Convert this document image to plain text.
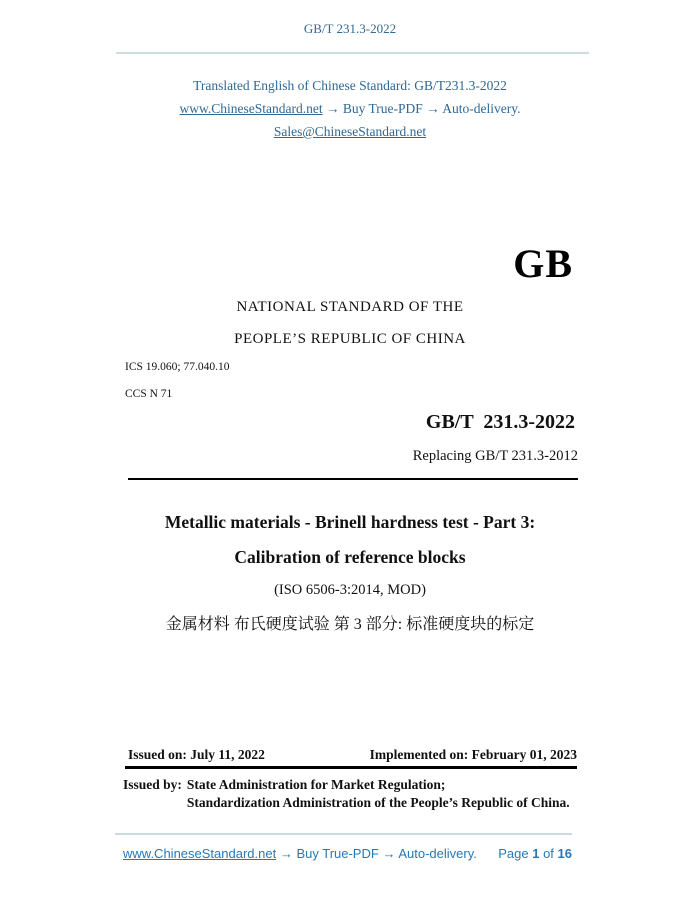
GB/T 231.3-2022
Translated English of Chinese Standard: GB/T231.3-2022
www.ChineseStandard.net → Buy True-PDF → Auto-delivery.
Sales@ChineseStandard.net
GB
NATIONAL STANDARD OF THE
PEOPLE’S REPUBLIC OF CHINA
ICS 19.060; 77.040.10
CCS N 71
GB/T  231.3-2022
Replacing GB/T 231.3-2012
Metallic materials - Brinell hardness test - Part 3:
Calibration of reference blocks
(ISO 6506-3:2014, MOD)
金属材料 布氏硬度试验 第 3 部分: 标准硬度块的标定
Issued on: July 11, 2022	Implemented on: February 01, 2023
Issued by: State Administration for Market Regulation;
Standardization Administration of the People’s Republic of China.
www.ChineseStandard.net → Buy True-PDF → Auto-delivery. Page 1 of 16
